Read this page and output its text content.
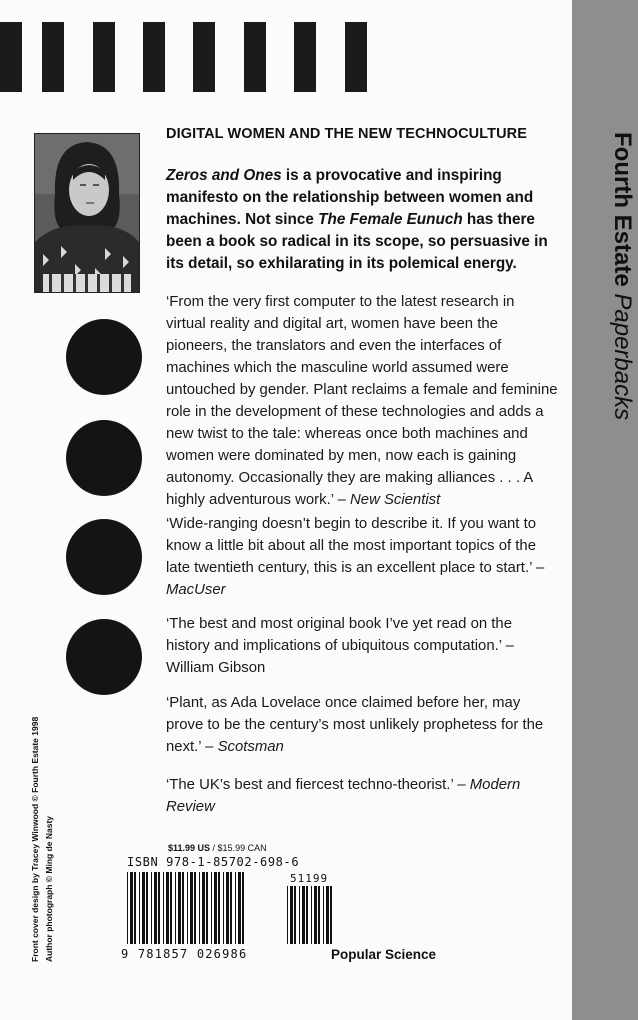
Fourth Estate Paperbacks
DIGITAL WOMEN AND THE NEW TECHNOCULTURE
Zeros and Ones is a provocative and inspiring manifesto on the relationship between women and machines. Not since The Female Eunuch has there been a book so radical in its scope, so persuasive in its detail, so exhilarating in its polemical energy.
‘From the very first computer to the latest research in virtual reality and digital art, women have been the pioneers, the translators and even the interfaces of machines which the masculine world assumed were untouched by gender. Plant reclaims a female and feminine role in the development of these technologies and adds a new twist to the tale: whereas once both machines and women were dominated by men, now each is gaining autonomy. Occasionally they are making alliances . . . A highly adventurous work.’ – New Scientist
‘Wide-ranging doesn’t begin to describe it. If you want to know a little bit about all the most important topics of the late twentieth century, this is an excellent place to start.’ – MacUser
‘The best and most original book I’ve yet read on the history and implications of ubiquitous computation.’ – William Gibson
‘Plant, as Ada Lovelace once claimed before her, may prove to be the century’s most unlikely prophetess for the next.’ – Scotsman
‘The UK’s best and fiercest techno-theorist.’ – Modern Review
Front cover design by Tracey Winwood © Fourth Estate 1998 Author photograph © Ming de Nasty	$11.99 US / $15.99 CAN
ISBN 978-1-85702-698-6
51199
9 781857 026986	Popular Science
